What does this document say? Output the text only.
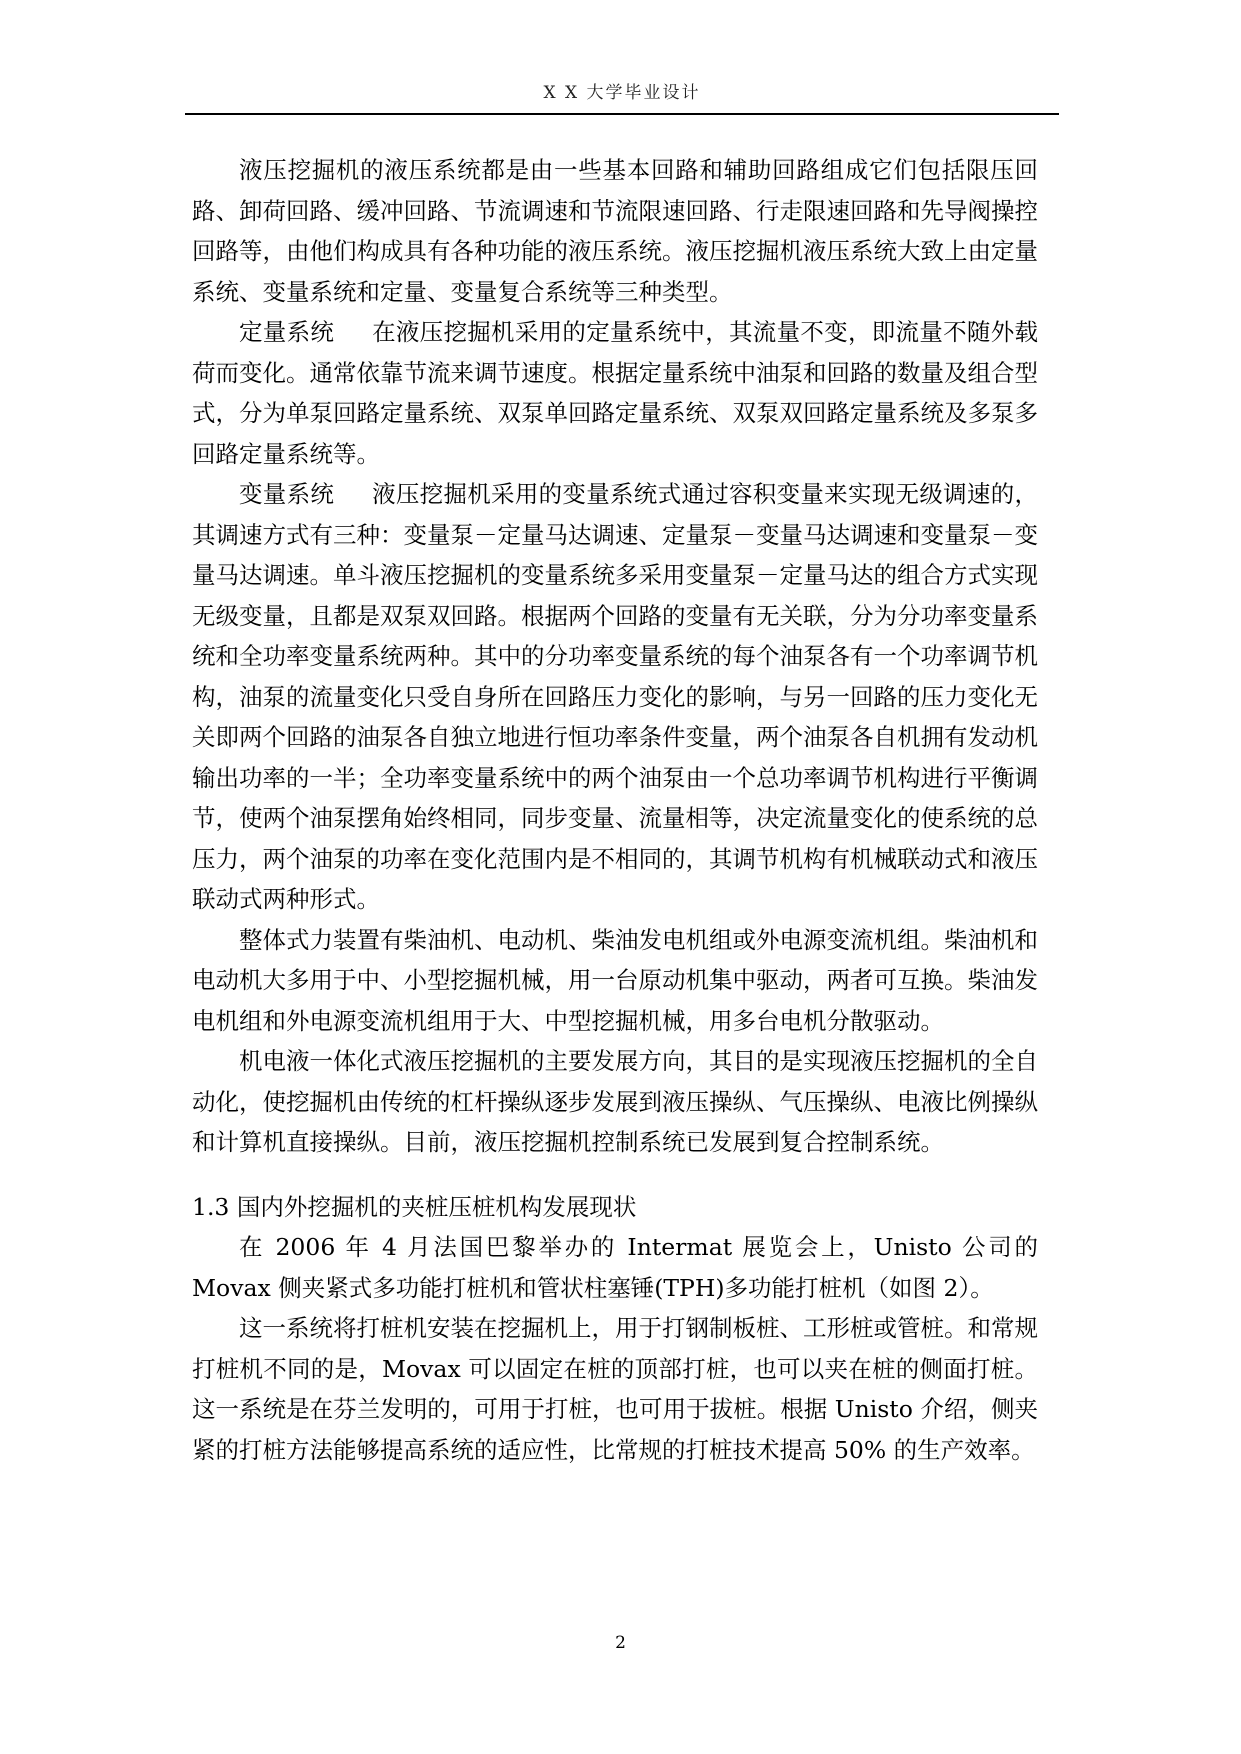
X X 大学毕业设计

液压挖掘机的液压系统都是由一些基本回路和辅助回路组成它们包括限压回路、卸荷回路、缓冲回路、节流调速和节流限速回路、行走限速回路和先导阀操控回路等，由他们构成具有各种功能的液压系统。液压挖掘机液压系统大致上由定量系统、变量系统和定量、变量复合系统等三种类型。

定量系统 在液压挖掘机采用的定量系统中，其流量不变，即流量不随外载荷而变化。通常依靠节流来调节速度。根据定量系统中油泵和回路的数量及组合型式，分为单泵回路定量系统、双泵单回路定量系统、双泵双回路定量系统及多泵多回路定量系统等。

变量系统 液压挖掘机采用的变量系统式通过容积变量来实现无级调速的，其调速方式有三种：变量泵－定量马达调速、定量泵－变量马达调速和变量泵－变量马达调速。单斗液压挖掘机的变量系统多采用变量泵－定量马达的组合方式实现无级变量，且都是双泵双回路。根据两个回路的变量有无关联，分为分功率变量系统和全功率变量系统两种。其中的分功率变量系统的每个油泵各有一个功率调节机构，油泵的流量变化只受自身所在回路压力变化的影响，与另一回路的压力变化无关即两个回路的油泵各自独立地进行恒功率条件变量，两个油泵各自机拥有发动机输出功率的一半；全功率变量系统中的两个油泵由一个总功率调节机构进行平衡调节，使两个油泵摆角始终相同，同步变量、流量相等，决定流量变化的使系统的总压力，两个油泵的功率在变化范围内是不相同的，其调节机构有机械联动式和液压联动式两种形式。

整体式力装置有柴油机、电动机、柴油发电机组或外电源变流机组。柴油机和电动机大多用于中、小型挖掘机械，用一台原动机集中驱动，两者可互换。柴油发电机组和外电源变流机组用于大、中型挖掘机械，用多台电机分散驱动。

机电液一体化式液压挖掘机的主要发展方向，其目的是实现液压挖掘机的全自动化，使挖掘机由传统的杠杆操纵逐步发展到液压操纵、气压操纵、电液比例操纵和计算机直接操纵。目前，液压挖掘机控制系统已发展到复合控制系统。

1.3 国内外挖掘机的夹桩压桩机构发展现状

在 2006 年 4 月法国巴黎举办的 Intermat 展览会上，Unisto 公司的 Movax 侧夹紧式多功能打桩机和管状柱塞锤(TPH)多功能打桩机（如图 2）。

这一系统将打桩机安装在挖掘机上，用于打钢制板桩、工形桩或管桩。和常规打桩机不同的是，Movax 可以固定在桩的顶部打桩，也可以夹在桩的侧面打桩。这一系统是在芬兰发明的，可用于打桩，也可用于拔桩。根据 Unisto 介绍，侧夹紧的打桩方法能够提高系统的适应性，比常规的打桩技术提高 50% 的生产效率。

2
